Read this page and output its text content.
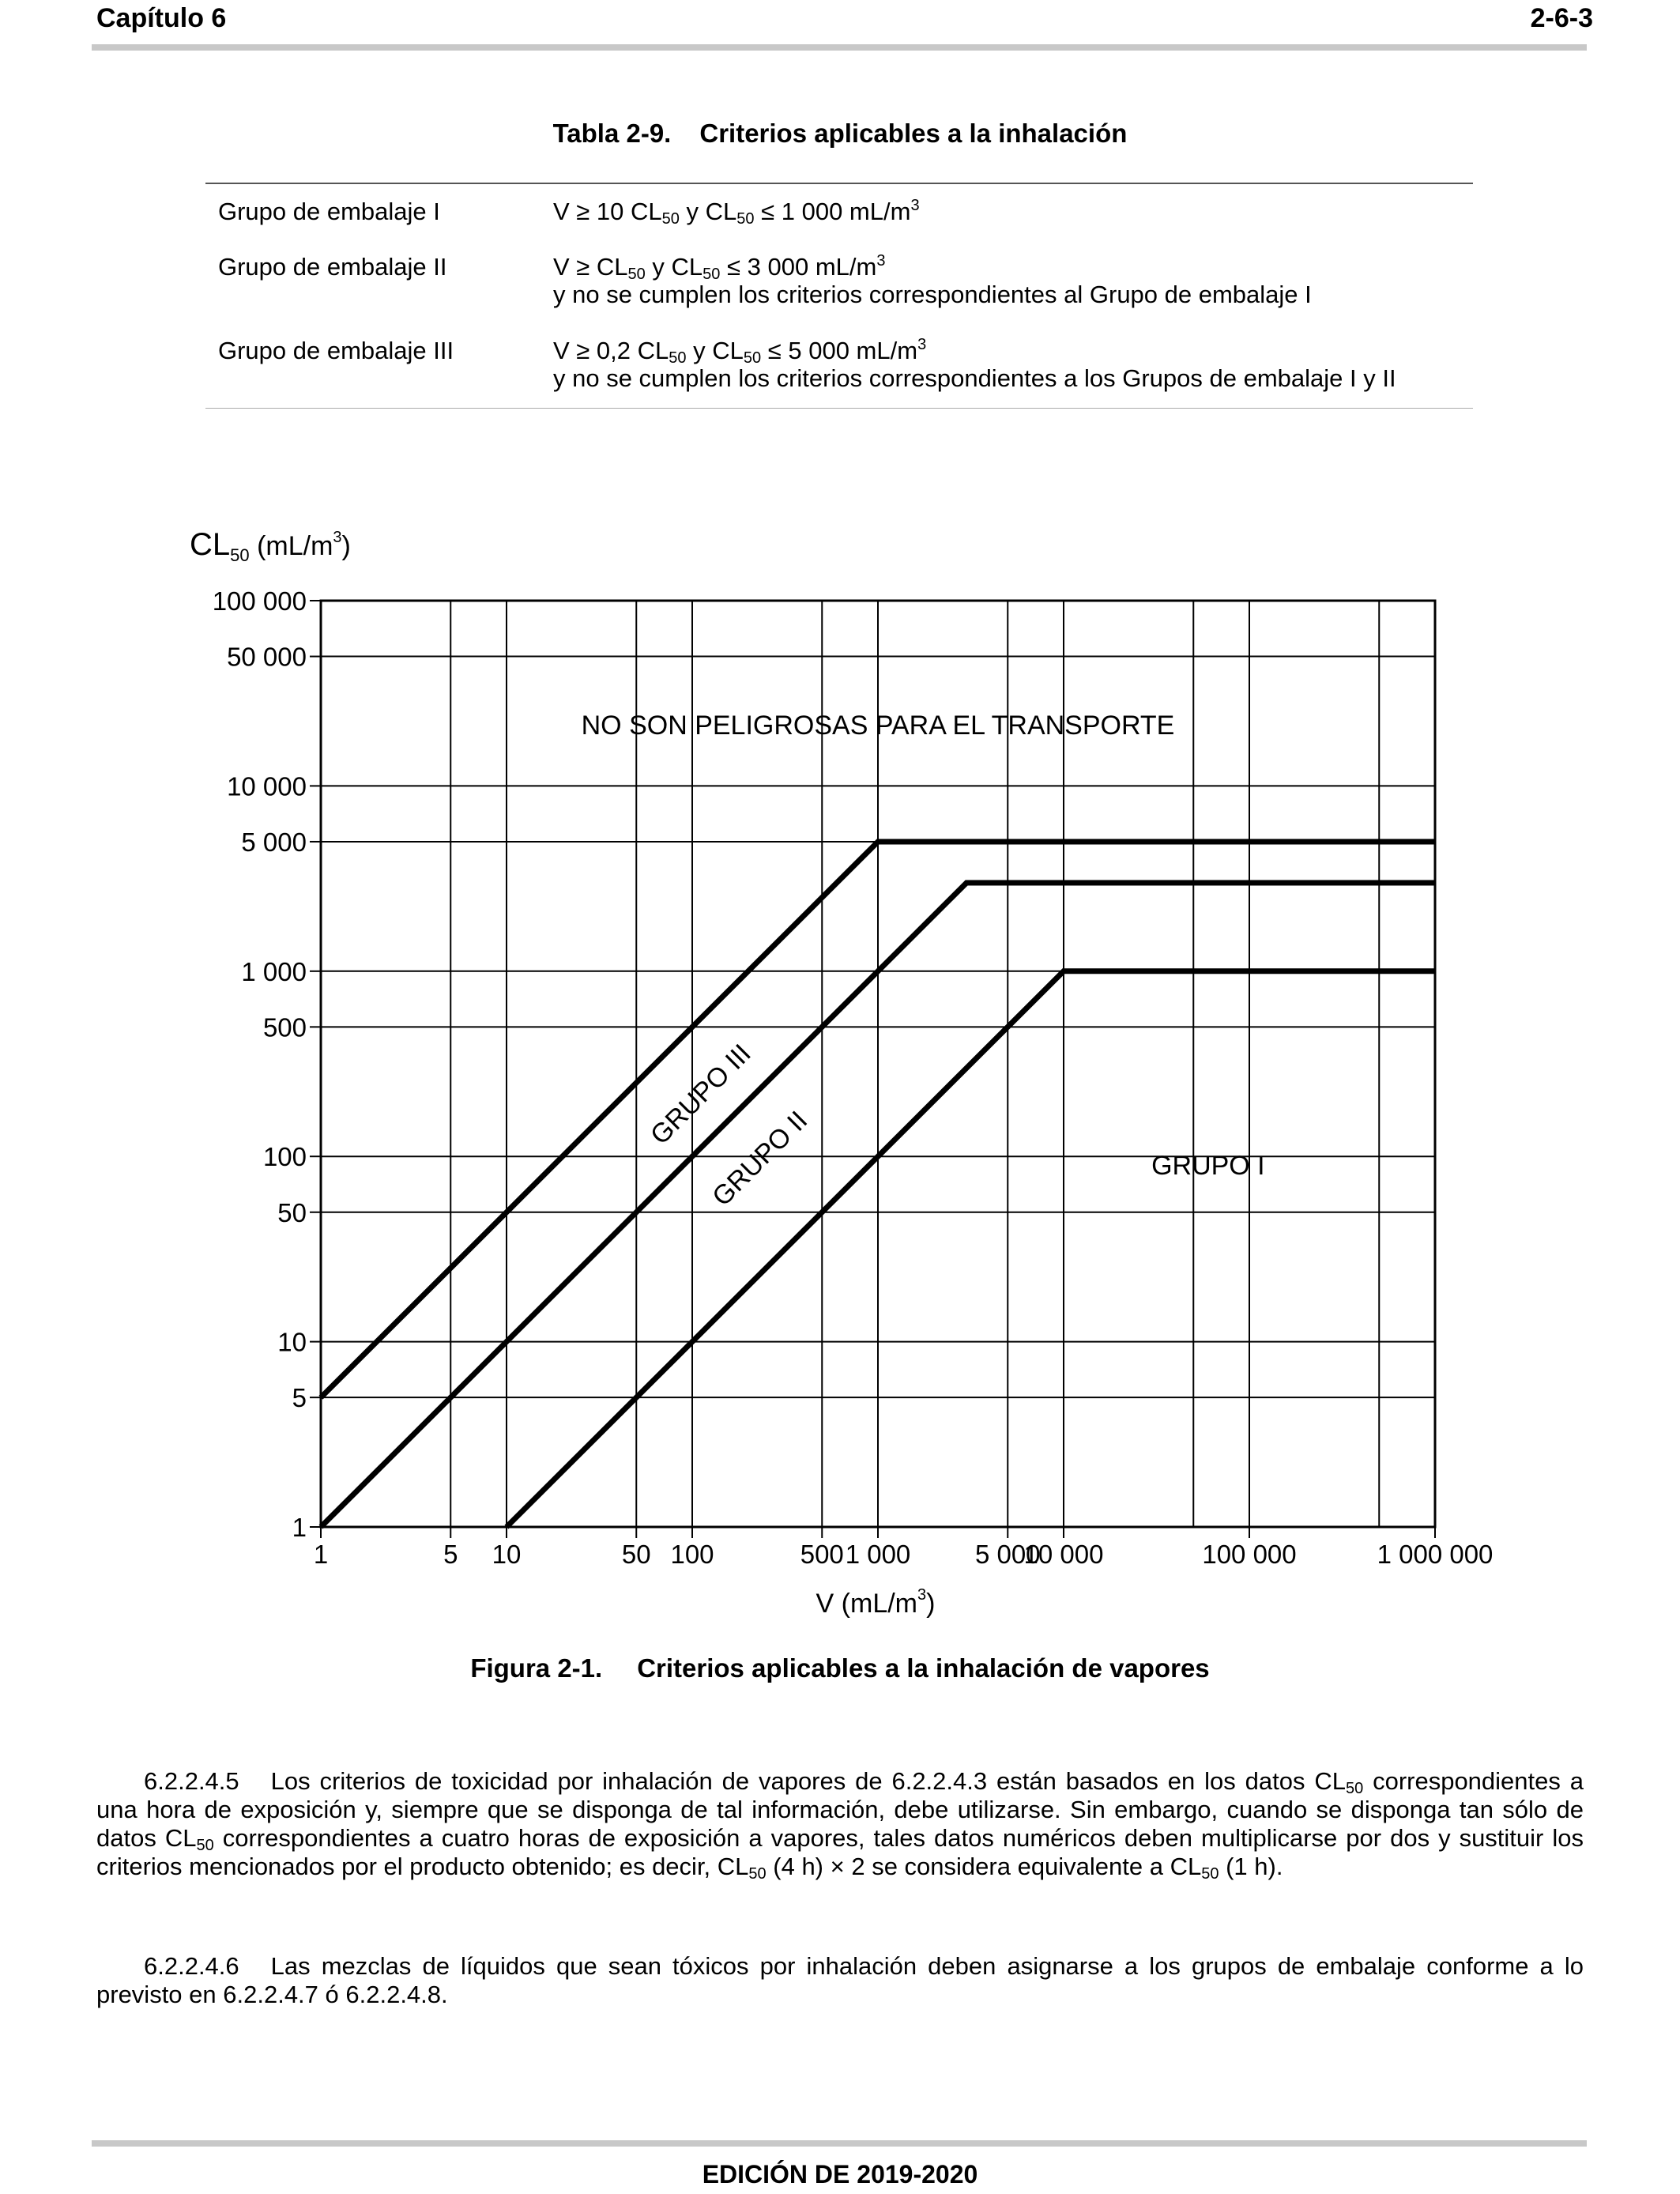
Capítulo 6	2-6-3
Tabla 2-9. Criterios aplicables a la inhalación
Grupo de embalaje I	V ≥ 10 $CL_{50}$ y $CL_{50} \le 1$ 000 $mL/m^3$
Grupo de embalaje II	$V \ge CL_{50}$ y $CL_{50} \le 3$ 000 $mL/m^3$
y no se cumplen los criterios correspondientes al Grupo de embalaje I
Grupo de embalaje III	V ≥ 0,2 $CL_{50}$ y $CL_{50} \le 5$ 000 $mL/m^3$
y no se cumplen los criterios correspondientes a los Grupos de embalaje I y II
1
5
10
50
100
500
1 000
5 000
10 000
50 000
100 000
1	5 10	50 100	500 1 000 5 000
10 000	100 000	1 000 000
NO SON PELIGROSAS PARA EL TRANSPORTE
GRUPO III
GRUPO II	GRUPO I
$CL_{50}$ $^{(mL/m3}_)$
V $(mL/m^3)$
Figura 2-1. Criterios aplicables a la inhalación de vapores
6.2.2.4.5 Los criterios de toxicidad por inhalación de vapores de 6.2.2.4.3 están basados en los datos $CL_{50}$ correspondientes a una hora de exposición y, siempre que se disponga de tal información, debe utilizarse. Sin embargo, cuando se disponga tan sólo de datos $CL_{50}$ correspondientes a cuatro horas de exposición a vapores, tales datos numéricos deben multiplicarse por dos y sustituir los criterios mencionados por el producto obtenido; es decir, $CL_{50}$ (4 h) × 2 se considera equivalente a $CL_{50}$ (1 h).
6.2.2.4.6 Las mezclas de líquidos que sean tóxicos por inhalación deben asignarse a los grupos de embalaje conforme a lo previsto en 6.2.2.4.7 ó 6.2.2.4.8.
EDICIÓN DE 2019-2020
